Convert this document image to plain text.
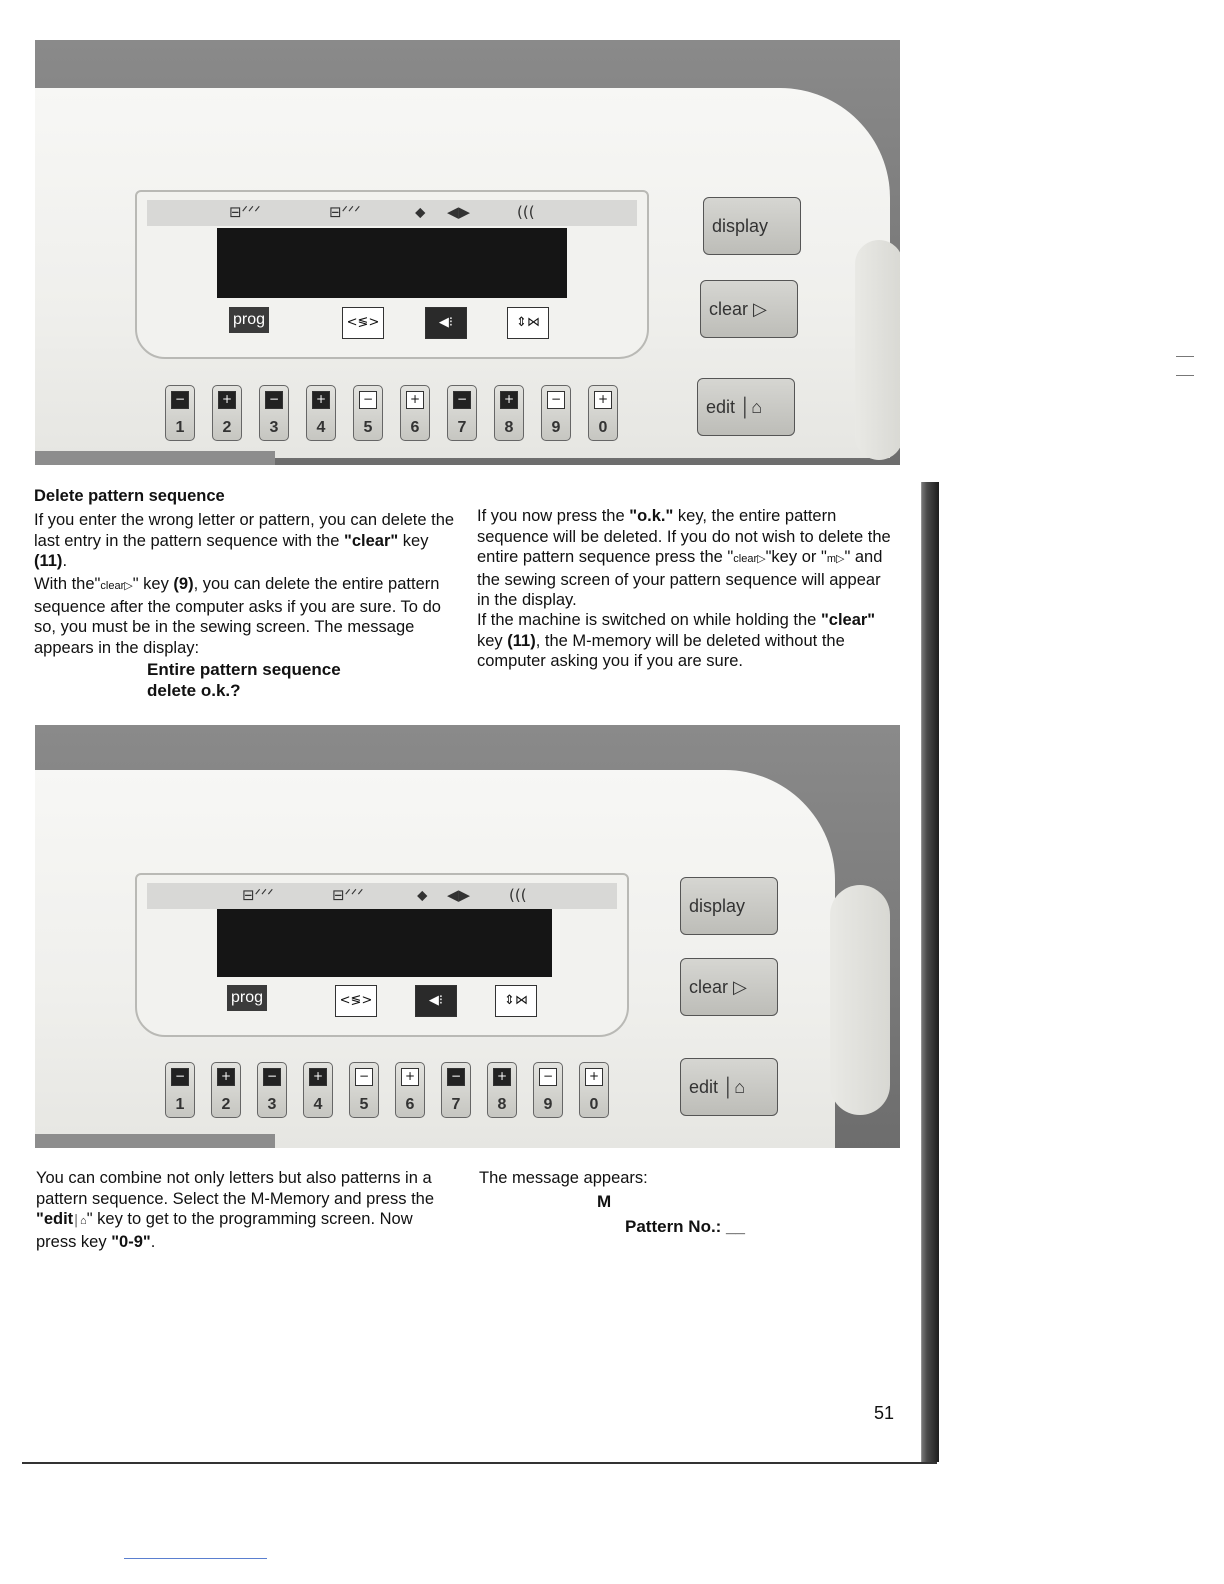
⊟ᐟᐟᐟ	⊟ᐟᐟᐟ	⬥ ◀▶	(((
prog	<≶>	◀⁝	⇕⋈
display
clear ▷
edit │⌂
−
1
+
2
−
3
+
4
−
5
+
6
−
7
+
8
−
9
+
0
Delete pattern sequence
If you enter the wrong letter or pattern, you can delete the last entry in the pattern sequence with the "clear" key (11).
With the"clear▷" key (9), you can delete the entire pattern sequence after the computer asks if you are sure. To do so, you must be in the sewing screen. The message appears in the display:
Entire pattern sequence
delete o.k.?
If you now press the "o.k." key, the entire pattern sequence will be deleted. If you do not wish to delete the entire pattern sequence press the "clear▷"key or "m▷" and the sewing screen of your pattern sequence will appear in the display.
If the machine is switched on while holding the "clear" key (11), the M-memory will be deleted without the computer asking you if you are sure.
⊟ᐟᐟᐟ	⊟ᐟᐟᐟ	⬥ ◀▶	(((
prog	<≶>	◀⁝	⇕⋈
display
clear ▷
edit │⌂
−
1
+
2
−
3
+
4
−
5
+
6
−
7
+
8
−
9
+
0
You can combine not only letters but also patterns in a pattern sequence. Select the M-Memory and press the "edit│⌂" key to get to the programming screen. Now press key "0-9".
The message appears:
M
Pattern No.: __
51
